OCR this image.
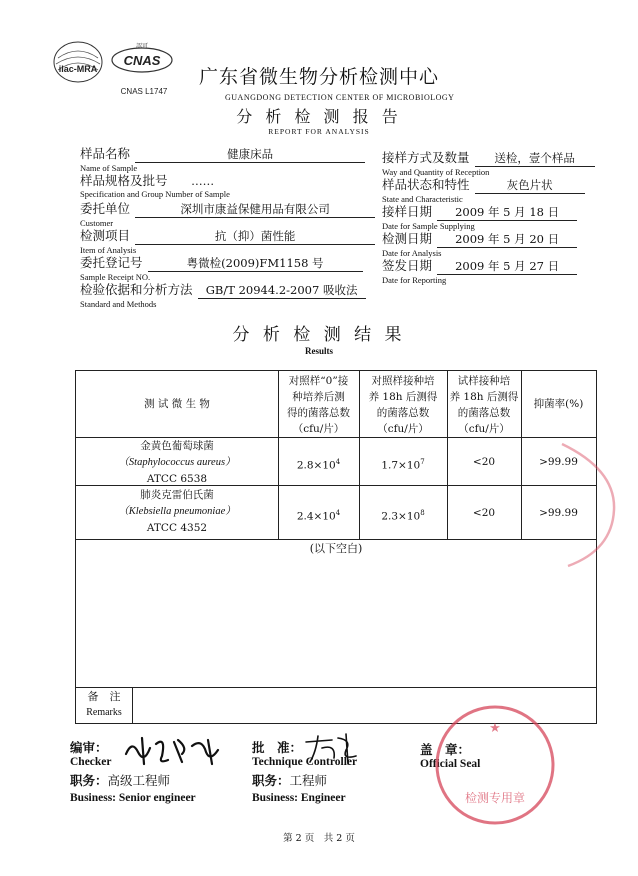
ilac-MRA
認可
CNAS
CNAS L1747
广东省微生物分析检测中心
GUANGDONG DETECTION CENTER OF MICROBIOLOGY
分 析 检 测 报 告
REPORT FOR ANALYSIS
样品名称	健康床品
Name of Sample
样品规格及批号 ……
Specification and Group Number of Sample
委托单位	深圳市康益保健用品有限公司
Customer
检测项目	抗（抑）菌性能
Item of Analysis
委托登记号	粤微检(2009)FM1158 号
Sample Receipt NO.
检验依据和分析方法 GB/T 20944.2-2007 吸收法
Standard and Methods
接样方式及数量 送检，壹个样品
Way and Quantity of Reception
样品状态和特性	灰色片状
State and Characteristic
接样日期 2009 年 5 月 18 日
Date for Sample Supplying
检测日期 2009 年 5 月 20 日
Date for Analysis
签发日期 2009 年 5 月 27 日
Date for Reporting
分 析 检 测 结 果
Results
测 试 微 生 物
对照样“0”接
种培养后测
得的菌落总数
（cfu/片）
对照样接种培
养 18h 后测得
的菌落总数
（cfu/片）
试样接种培
养 18h 后测得
的菌落总数
（cfu/片）
抑菌率(%)
金黄色葡萄球菌
（Staphylococcus aureus）
ATCC 6538
$2.8\times 10^4$	$1.7\times 10^7$	<20	>99.99
肺炎克雷伯氏菌
（Klebsiella pneumoniae）
ATCC 4352
$2.4\times 10^4$	$2.3\times 10^8$	<20	>99.99
(以下空白)
备　注
Remarks
编审：
Checker
职务：高级工程师
Business: Senior engineer
批　准：
Technique Controller
职务：工程师
Business: Engineer
盖　章：
Official Seal
★
检测专用章
第 2 页　共 2 页
